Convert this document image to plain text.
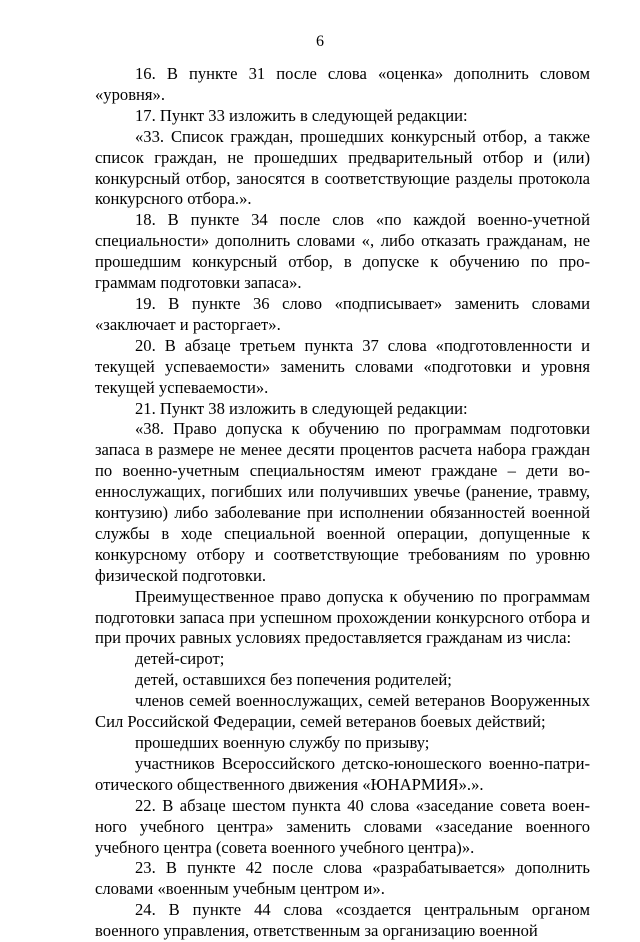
6

16. В пункте 31 после слова «оценка» дополнить словом «уровня».

17. Пункт 33 изложить в следующей редакции:

«33. Список граждан, прошедших конкурсный отбор, а также список граждан, не прошедших предварительный отбор и (или) конкурсный отбор, заносятся в соответствующие разделы протокола конкурсного отбора.».

18. В пункте 34 после слов «по каждой военно-учетной специальности» дополнить словами «, либо отказать гражданам, не прошедшим конкурсный отбор, в допуске к обучению по программам подготовки запаса».

19. В пункте 36 слово «подписывает» заменить словами «заключает и расторгает».

20. В абзаце третьем пункта 37 слова «подготовленности и текущей успеваемости» заменить словами «подготовки и уровня текущей успеваемости».

21. Пункт 38 изложить в следующей редакции:

«38. Право допуска к обучению по программам подготовки запаса в размере не менее десяти процентов расчета набора граждан по военно-учетным специальностям имеют граждане – дети военнослужащих, погибших или получивших увечье (ранение, травму, контузию) либо заболевание при исполнении обязанностей военной службы в ходе специальной военной операции, допущенные к конкурсному отбору и соответствующие требованиям по уровню физической подготовки.

Преимущественное право допуска к обучению по программам подготовки запаса при успешном прохождении конкурсного отбора и при прочих равных условиях предоставляется гражданам из числа:

детей-сирот;

детей, оставшихся без попечения родителей;

членов семей военнослужащих, семей ветеранов Вооруженных Сил Российской Федерации, семей ветеранов боевых действий;

прошедших военную службу по призыву;

участников Всероссийского детско-юношеского военно-патриотического общественного движения «ЮНАРМИЯ».».

22. В абзаце шестом пункта 40 слова «заседание совета военного учебного центра» заменить словами «заседание военного учебного центра (совета военного учебного центра)».

23. В пункте 42 после слова «разрабатывается» дополнить словами «военным учебным центром и».

24. В пункте 44 слова «создается центральным органом военного управления, ответственным за организацию военной
